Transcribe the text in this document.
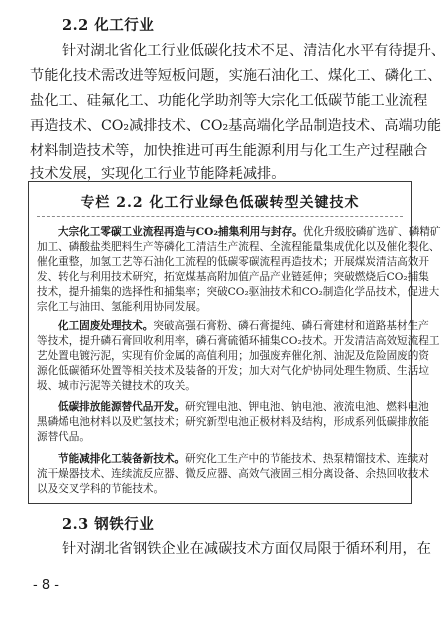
2.2 化工行业
针对湖北省化工行业低碳化技术不足、清洁化水平有待提升、
节能化技术需改进等短板问题，实施石油化工、煤化工、磷化工、
盐化工、硅氟化工、功能化学助剂等大宗化工低碳节能工业流程
再造技术、CO₂减排技术、CO₂基高端化学品制造技术、高端功能
材料制造技术等，加快推进可再生能源利用与化工生产过程融合
技术发展，实现化工行业节能降耗减排。
专栏 2.2 化工行业绿色低碳转型关键技术
大宗化工零碳工业流程再造与CO₂捕集利用与封存。优化升级胶磷矿选矿、磷精矿
加工、磷酸盐类肥料生产等磷化工清洁生产流程、全流程能量集成优化以及催化裂化、
催化重整，加氢工艺等石油化工流程的低碳零碳流程再造技术；开展煤炭清洁高效开
发、转化与利用技术研究，拓宽煤基高附加值产品产业链延伸；突破燃烧后CO₂捕集
技术，提升捕集的选择性和捕集率；突破CO₂驱油技术和CO₂制造化学品技术，促进大
宗化工与油田、氢能利用协同发展。
化工固废处理技术。突破高强石膏粉、磷石膏提纯、磷石膏建材和道路基材生产
等技术，提升磷石膏回收利用率，磷石膏硫循环捕集CO₂技术。开发清洁高效短流程工
艺处置电镀污泥，实现有价金属的高值利用；加强废弃催化剂、油泥及危险固废的资
源化低碳循环处置等相关技术及装备的开发；加大对气化炉协同处理生物质、生活垃
圾、城市污泥等关键技术的攻关。
低碳排放能源替代品开发。研究锂电池、钾电池、钠电池、液流电池、燃料电池
黑磷烯电池材料以及贮氢技术；研究新型电池正极材料及结构，形成系列低碳排放能
源替代品。
节能减排化工装备新技术。研究化工生产中的节能技术、热泵精馏技术、连续对
流干燥器技术、连续流反应器、微反应器、高效气液固三相分离设备、余热回收技术
以及交叉学科的节能技术。
2.3 钢铁行业
针对湖北省钢铁企业在减碳技术方面仅局限于循环利用，在
- 8 -
